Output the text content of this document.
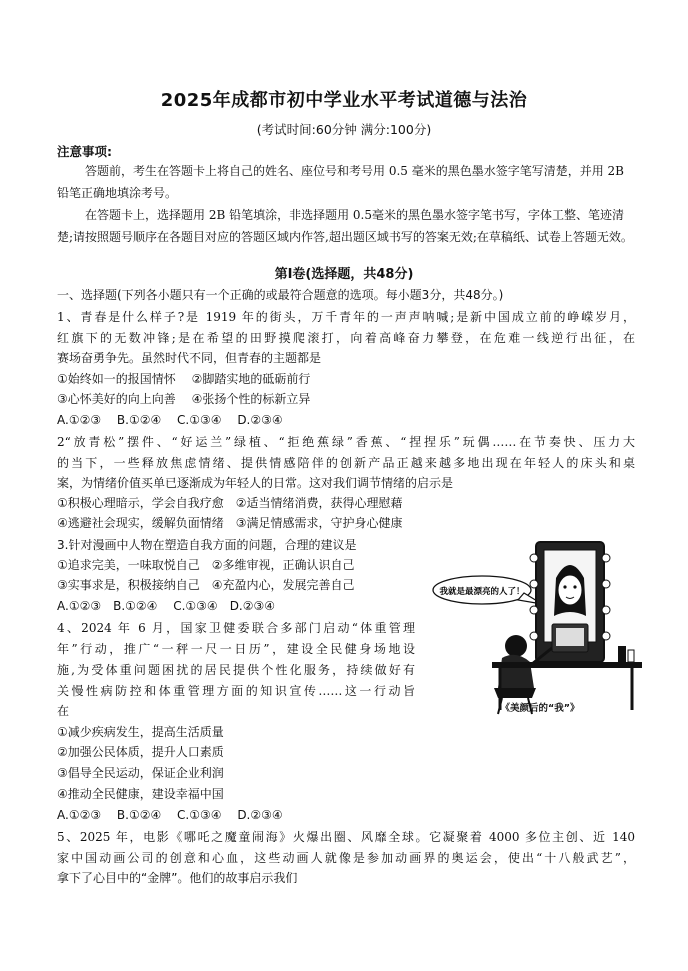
2025年成都市初中学业水平考试道德与法治
(考试时间:60分钟 满分:100分)
注意事项:
答题前，考生在答题卡上将自己的姓名、座位号和考号用 0.5 毫米的黑色墨水签字笔写清楚，并用 2B 铅笔正确地填涂考号。
在答题卡上，选择题用 2B 铅笔填涂，非选择题用 0.5毫米的黑色墨水签字笔书写，字体工整、笔迹清楚;请按照题号顺序在各题目对应的答题区域内作答,超出题区域书写的答案无效;在草稿纸、试卷上答题无效。
第Ⅰ卷(选择题，共48分)
一、选择题(下列各小题只有一个正确的或最符合题意的选项。每小题3分，共48分。)
1、青春是什么样子?是 1919 年的街头，万千青年的一声声呐喊;是新中国成立前的峥嵘岁月，
红旗下的无数冲锋;是在希望的田野摸爬滚打，向着高峰奋力攀登，在危难一线逆行出征，在
赛场奋勇争先。虽然时代不同，但青春的主题都是
①始终如一的报国情怀　 ②脚踏实地的砥砺前行
③心怀美好的向上向善　 ④张扬个性的标新立异
A.①②③　 B.①②④　 C.①③④　 D.②③④
2“放青松”摆件、“好运兰”绿植、“拒绝蕉绿”香蕉、“捏捏乐”玩偶……在节奏快、压力大
的当下，一些释放焦虑情绪、提供情感陪伴的创新产品正越来越多地出现在年轻人的床头和桌
案，为情绪价值买单已逐渐成为年轻人的日常。这对我们调节情绪的启示是
①积极心理暗示，学会自我疗愈　②适当情绪消费，获得心理慰藉
④逃避社会现实，缓解负面情绪　③满足情感需求，守护身心健康
3.针对漫画中人物在塑造自我方面的问题，合理的建议是
①追求完美，一味取悦自己　②多维审视，正确认识自己
③实事求是，积极接纳自己　④充盈内心，发展完善自己
A.①②③　B.①②④　 C.①③④　D.②③④
我就是最漂亮的人了！
《美颜后的“我”》
4、2024 年 6 月，国家卫健委联合多部门启动“体重管理
年”行动，推广“一秤一尺一日历”，建设全民健身场地设
施,为受体重问题困扰的居民提供个性化服务，持续做好有
关慢性病防控和体重管理方面的知识宣传……这一行动旨
在
①减少疾病发生，提高生活质量
②加强公民体质，提升人口素质
③倡导全民运动，保证企业利润
④推动全民健康，建设幸福中国
A.①②③　 B.①②④　 C.①③④　 D.②③④
5、2025 年，电影《哪吒之魔童闹海》火爆出圈、风靡全球。它凝聚着 4000 多位主创、近 140
家中国动画公司的创意和心血，这些动画人就像是参加动画界的奥运会，使出“十八般武艺”，
拿下了心目中的“金牌”。他们的故事启示我们
